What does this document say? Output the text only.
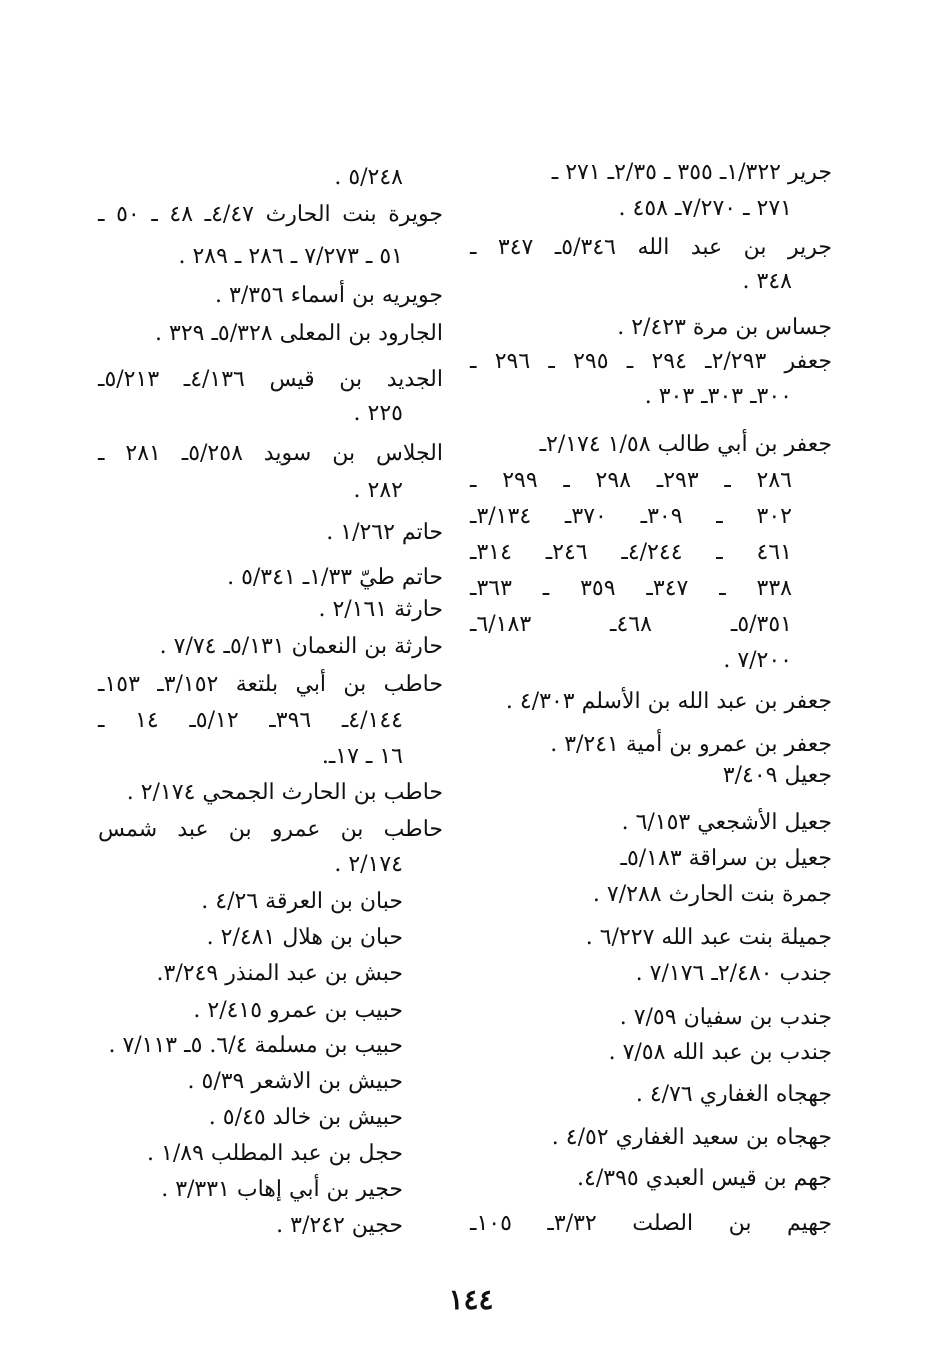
جرير ١/٣٢٢ـ ٣٥٥ ـ ٢/٣٥ـ ٢٧١ ـ
٢٧١ ـ ٧/٢٧٠ـ ٤٥٨ .
جرير بن عبد الله ٥/٣٤٦ـ ٣٤٧ ـ
٣٤٨ .
جساس بن مرة ٢/٤٢٣ .
جعفر ٢/٢٩٣ـ ٢٩٤ ـ ٢٩٥ ـ ٢٩٦ ـ
٣٠٠ـ ٣٠٣ـ ٣٠٣ .
جعفر بن أبي طالب ١/٥٨ ٢/١٧٤ـ
٢٨٦ ـ ٢٩٣ـ ٢٩٨ ـ ٢٩٩ ـ
٣٠٢ ـ ٣٠٩ـ ٣٧٠ـ ٣/١٣٤ـ
٤٦١ ـ ٤/٢٤٤ـ ٢٤٦ـ ٣١٤ـ
٣٣٨ ـ ٣٤٧ـ ٣٥٩ ـ ٣٦٣ـ
٥/٣٥١ـ ٤٦٨ـ ٦/١٨٣ـ
٧/٢٠٠ .
جعفر بن عبد الله بن الأسلم ٤/٣٠٣ .
جعفر بن عمرو بن أمية ٣/٢٤١ .
جعيل ٣/٤٠٩
جعيل الأشجعي ٦/١٥٣ .
جعيل بن سراقة ٥/١٨٣ـ
جمرة بنت الحارث ٧/٢٨٨ .
جميلة بنت عبد الله ٦/٢٢٧ .
جندب ٢/٤٨٠ـ ٧/١٧٦ .
جندب بن سفيان ٧/٥٩ .
جندب بن عبد الله ٧/٥٨ .
جهجاه الغفاري ٤/٧٦ .
جهجاه بن سعيد الغفاري ٤/٥٢ .
جهم بن قيس العبدي ٤/٣٩٥.
جهيم بن الصلت ٣/٣٢ـ ١٠٥ـ
٥/٢٤٨ .
جويرة بنت الحارث ٤/٤٧ـ ٤٨ ـ ٥٠ ـ
٥١ ـ ٧/٢٧٣ ـ ٢٨٦ ـ ٢٨٩ .
جويريه بن أسماء ٣/٣٥٦ .
الجارود بن المعلى ٥/٣٢٨ـ ٣٢٩ .
الجديد بن قيس ٤/١٣٦ـ ٥/٢١٣ـ
٢٢٥ .
الجلاس بن سويد ٥/٢٥٨ـ ٢٨١ ـ
٢٨٢ .
حاتم ١/٢٦٢ .
حاتم طيّ ١/٣٣ـ ٥/٣٤١ .
حارثة ٢/١٦١ .
حارثة بن النعمان ٥/١٣١ـ ٧/٧٤ .
حاطب بن أبي بلتعة ٣/١٥٢ـ ١٥٣ـ
٤/١٤٤ـ ٣٩٦ـ ٥/١٢ـ ١٤ ـ
١٦ ـ ١٧ـ.
حاطب بن الحارث الجمحي ٢/١٧٤ .
حاطب بن عمرو بن عبد شمس
٢/١٧٤ .
حبان بن العرقة ٤/٢٦ .
حبان بن هلال ٢/٤٨١ .
حبش بن عبد المنذر ٣/٢٤٩.
حبيب بن عمرو ٢/٤١٥ .
حبيب بن مسلمة ٦/٤. ٥ـ ٧/١١٣ .
حبيش بن الاشعر ٥/٣٩ .
حبيش بن خالد ٥/٤٥ .
حجل بن عبد المطلب ١/٨٩ .
حجير بن أبي إهاب ٣/٣٣١ .
حجين ٣/٢٤٢ .
١٤٤
